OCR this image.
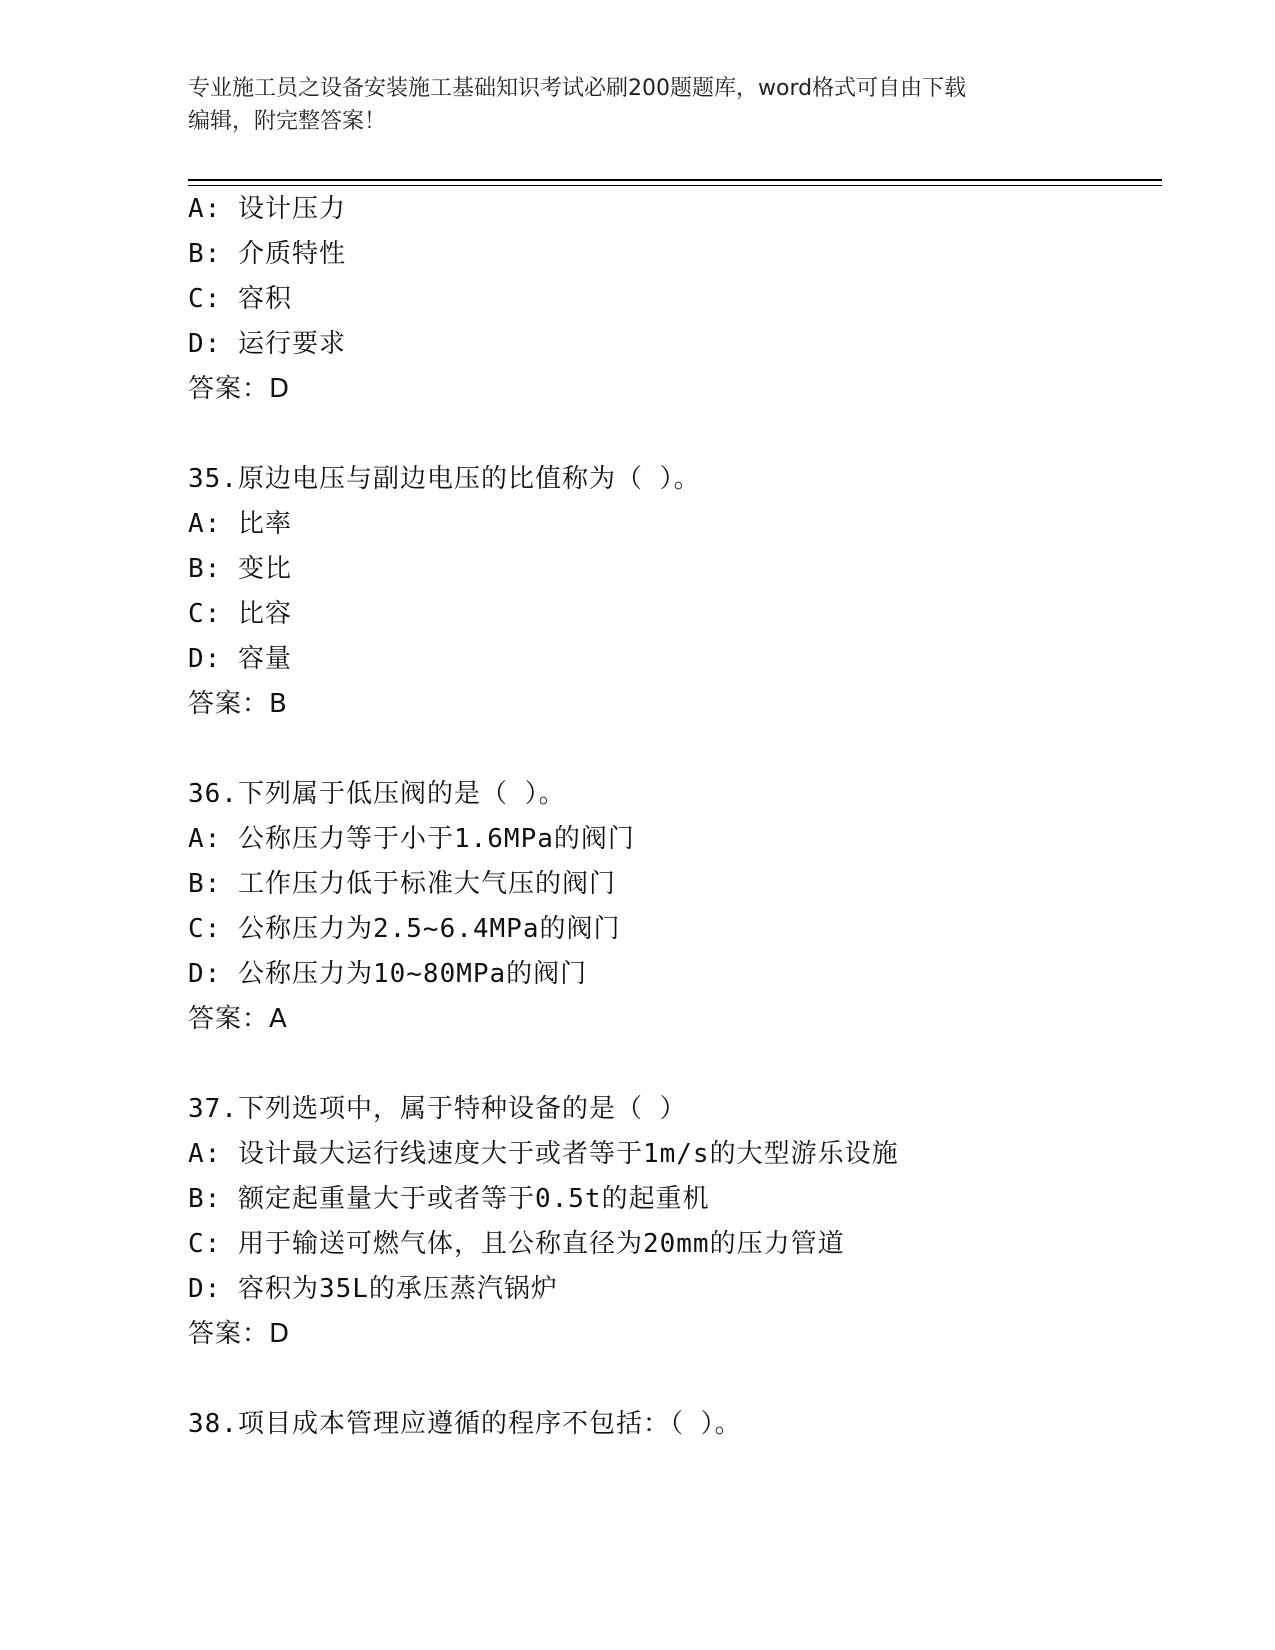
专业施工员之设备安装施工基础知识考试必刷200题题库，word格式可自由下载
编辑，附完整答案！
A: 设计压力
B: 介质特性
C: 容积
D: 运行要求
答案：D
35.原边电压与副边电压的比值称为（ ）。
A: 比率
B: 变比
C: 比容
D: 容量
答案：B
36.下列属于低压阀的是（ ）。
A: 公称压力等于小于1.6MPa的阀门
B: 工作压力低于标准大气压的阀门
C: 公称压力为2.5~6.4MPa的阀门
D: 公称压力为10~80MPa的阀门
答案：A
37.下列选项中，属于特种设备的是（ ）
A: 设计最大运行线速度大于或者等于1m/s的大型游乐设施
B: 额定起重量大于或者等于0.5t的起重机
C: 用于输送可燃气体，且公称直径为20mm的压力管道
D: 容积为35L的承压蒸汽锅炉
答案：D
38.项目成本管理应遵循的程序不包括：（ ）。
